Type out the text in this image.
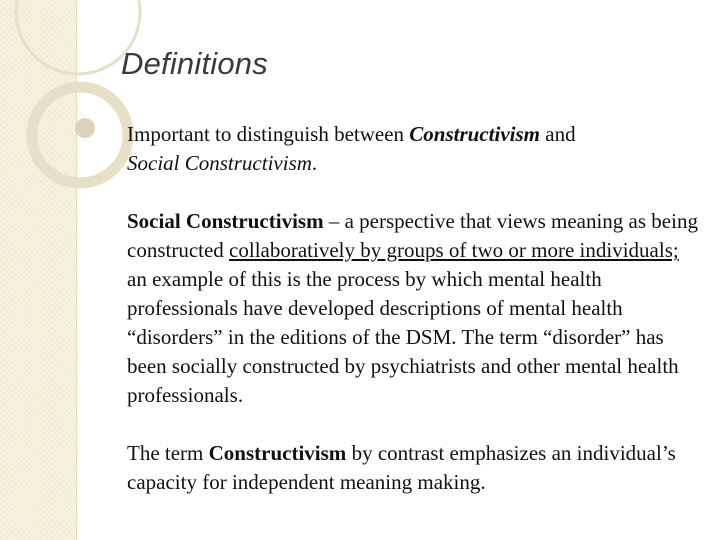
Definitions

Important to distinguish between Constructivism and
Social Constructivism.

Social Constructivism – a perspective that views meaning as being constructed collaboratively by groups of two or more individuals; an example of this is the process by which mental health professionals have developed descriptions of mental health “disorders” in the editions of the DSM. The term “disorder” has been socially constructed by psychiatrists and other mental health professionals.

The term Constructivism by contrast emphasizes an individual’s capacity for independent meaning making.
